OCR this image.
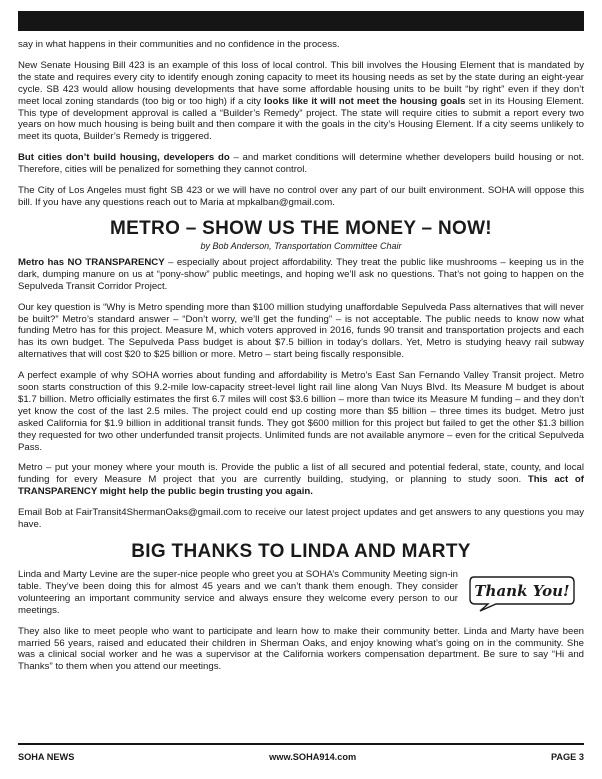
say in what happens in their communities and no confidence in the process.

New Senate Housing Bill 423 is an example of this loss of local control. This bill involves the Housing Element that is mandated by the state and requires every city to identify enough zoning capacity to meet its housing needs as set by the state during an eight-year cycle. SB 423 would allow housing developments that have some affordable housing units to be built “by right” even if they don’t meet local zoning standards (too big or too high) if a city looks like it will not meet the housing goals set in its Housing Element. This type of development approval is called a “Builder’s Remedy” project. The state will require cities to submit a report every two years on how much housing is being built and then compare it with the goals in the city’s Housing Element. If a city seems unlikely to meet its quota, Builder’s Remedy is triggered.

But cities don’t build housing, developers do – and market conditions will determine whether developers build housing or not. Therefore, cities will be penalized for something they cannot control.

The City of Los Angeles must fight SB 423 or we will have no control over any part of our built environment. SOHA will oppose this bill. If you have any questions reach out to Maria at mpkalban@gmail.com.

METRO – SHOW US THE MONEY – NOW!
by Bob Anderson, Transportation Committee Chair

Metro has NO TRANSPARENCY – especially about project affordability. They treat the public like mushrooms – keeping us in the dark, dumping manure on us at “pony-show” public meetings, and hoping we’ll ask no questions. That’s not going to happen on the Sepulveda Transit Corridor Project.

Our key question is “Why is Metro spending more than $100 million studying unaffordable Sepulveda Pass alternatives that will never be built?” Metro’s standard answer – “Don’t worry, we’ll get the funding” – is not acceptable. The public needs to know now what funding Metro has for this project. Measure M, which voters approved in 2016, funds 90 transit and transportation projects and each has its own budget. The Sepulveda Pass budget is about $7.5 billion in today’s dollars. Yet, Metro is studying heavy rail subway alternatives that will cost $20 to $25 billion or more. Metro – start being fiscally responsible.

A perfect example of why SOHA worries about funding and affordability is Metro’s East San Fernando Valley Transit project. Metro soon starts construction of this 9.2-mile low-capacity street-level light rail line along Van Nuys Blvd. Its Measure M budget is about $1.7 billion. Metro officially estimates the first 6.7 miles will cost $3.6 billion – more than twice its Measure M funding – and they don’t yet know the cost of the last 2.5 miles. The project could end up costing more than $5 billion – three times its budget. Metro just asked California for $1.9 billion in additional transit funds. They got $600 million for this project but failed to get the other $1.3 billion they requested for two other underfunded transit projects. Unlimited funds are not available anymore – even for the critical Sepulveda Pass.

Metro – put your money where your mouth is. Provide the public a list of all secured and potential federal, state, county, and local funding for every Measure M project that you are currently building, studying, or planning to study soon. This act of TRANSPARENCY might help the public begin trusting you again.

Email Bob at FairTransit4ShermanOaks@gmail.com to receive our latest project updates and get answers to any questions you may have.

BIG THANKS TO LINDA AND MARTY

Linda and Marty Levine are the super-nice people who greet you at SOHA’s Community Meeting sign-in table. They’ve been doing this for almost 45 years and we can’t thank them enough. They consider volunteering an important community service and always ensure they welcome every person to our meetings.

Thank You!

They also like to meet people who want to participate and learn how to make their community better. Linda and Marty have been married 56 years, raised and educated their children in Sherman Oaks, and enjoy knowing what’s going on in the community. She was a clinical social worker and he was a supervisor at the California workers compensation department. Be sure to say “Hi and Thanks” to them when you attend our meetings.

SOHA NEWS	www.SOHA914.com	PAGE 3
